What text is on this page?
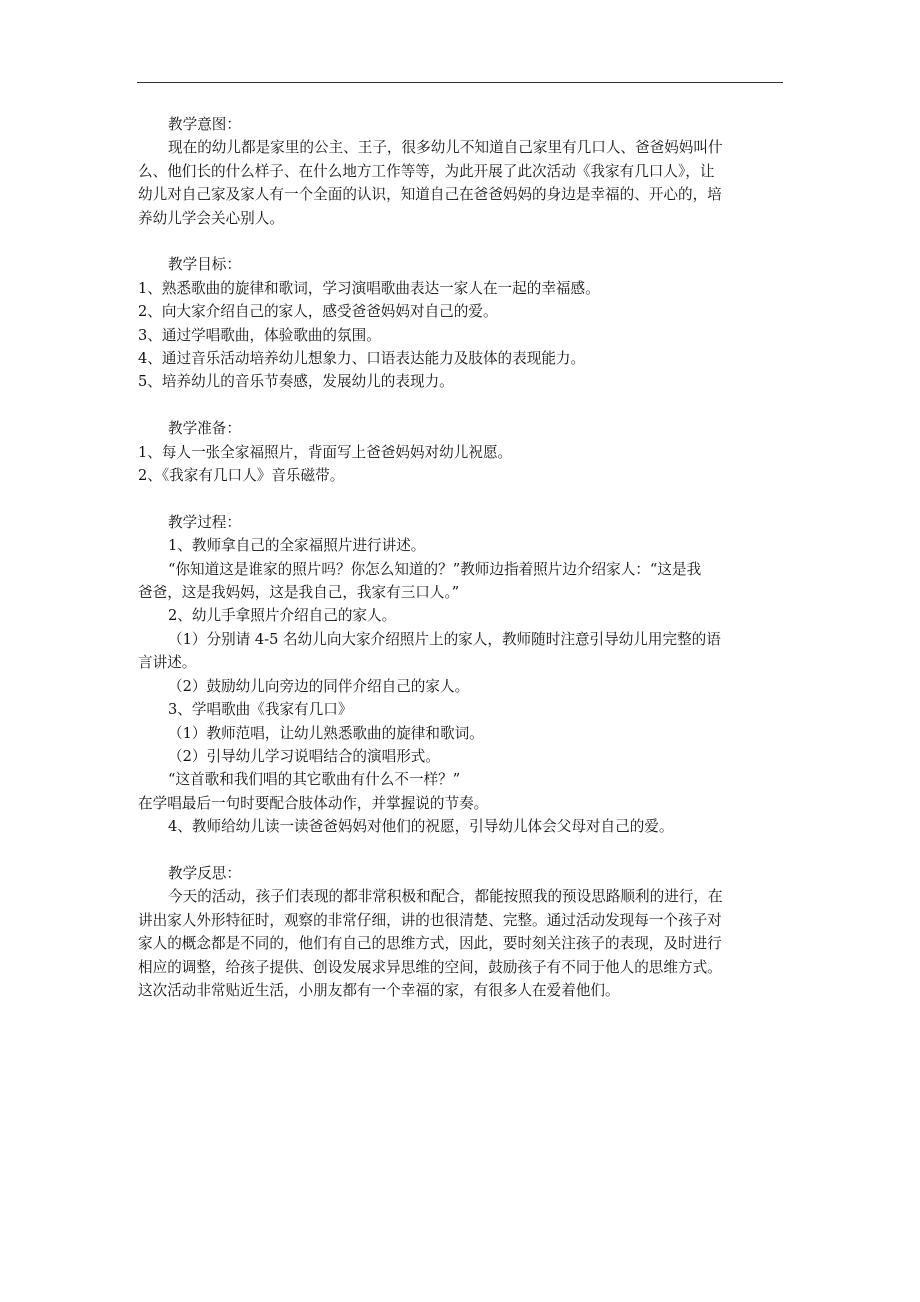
教学意图：
现在的幼儿都是家里的公主、王子，很多幼儿不知道自己家里有几口人、爸爸妈妈叫什
么、他们长的什么样子、在什么地方工作等等，为此开展了此次活动《我家有几口人》，让
幼儿对自己家及家人有一个全面的认识，知道自己在爸爸妈妈的身边是幸福的、开心的，培
养幼儿学会关心别人。
教学目标：
1、熟悉歌曲的旋律和歌词，学习演唱歌曲表达一家人在一起的幸福感。
2、向大家介绍自己的家人，感受爸爸妈妈对自己的爱。
3、通过学唱歌曲，体验歌曲的氛围。
4、通过音乐活动培养幼儿想象力、口语表达能力及肢体的表现能力。
5、培养幼儿的音乐节奏感，发展幼儿的表现力。
教学准备：
1、每人一张全家福照片，背面写上爸爸妈妈对幼儿祝愿。
2、《我家有几口人》音乐磁带。
教学过程：
1、教师拿自己的全家福照片进行讲述。
“你知道这是谁家的照片吗？你怎么知道的？”教师边指着照片边介绍家人：“这是我
爸爸，这是我妈妈，这是我自己，我家有三口人。”
2、幼儿手拿照片介绍自己的家人。
（1）分别请 4-5 名幼儿向大家介绍照片上的家人，教师随时注意引导幼儿用完整的语
言讲述。
（2）鼓励幼儿向旁边的同伴介绍自己的家人。
3、学唱歌曲《我家有几口》
（1）教师范唱，让幼儿熟悉歌曲的旋律和歌词。
（2）引导幼儿学习说唱结合的演唱形式。
“这首歌和我们唱的其它歌曲有什么不一样？”
在学唱最后一句时要配合肢体动作，并掌握说的节奏。
4、教师给幼儿读一读爸爸妈妈对他们的祝愿，引导幼儿体会父母对自己的爱。
教学反思：
今天的活动，孩子们表现的都非常积极和配合，都能按照我的预设思路顺利的进行，在
讲出家人外形特征时，观察的非常仔细，讲的也很清楚、完整。通过活动发现每一个孩子对
家人的概念都是不同的，他们有自己的思维方式，因此，要时刻关注孩子的表现，及时进行
相应的调整，给孩子提供、创设发展求异思维的空间，鼓励孩子有不同于他人的思维方式。
这次活动非常贴近生活，小朋友都有一个幸福的家，有很多人在爱着他们。
